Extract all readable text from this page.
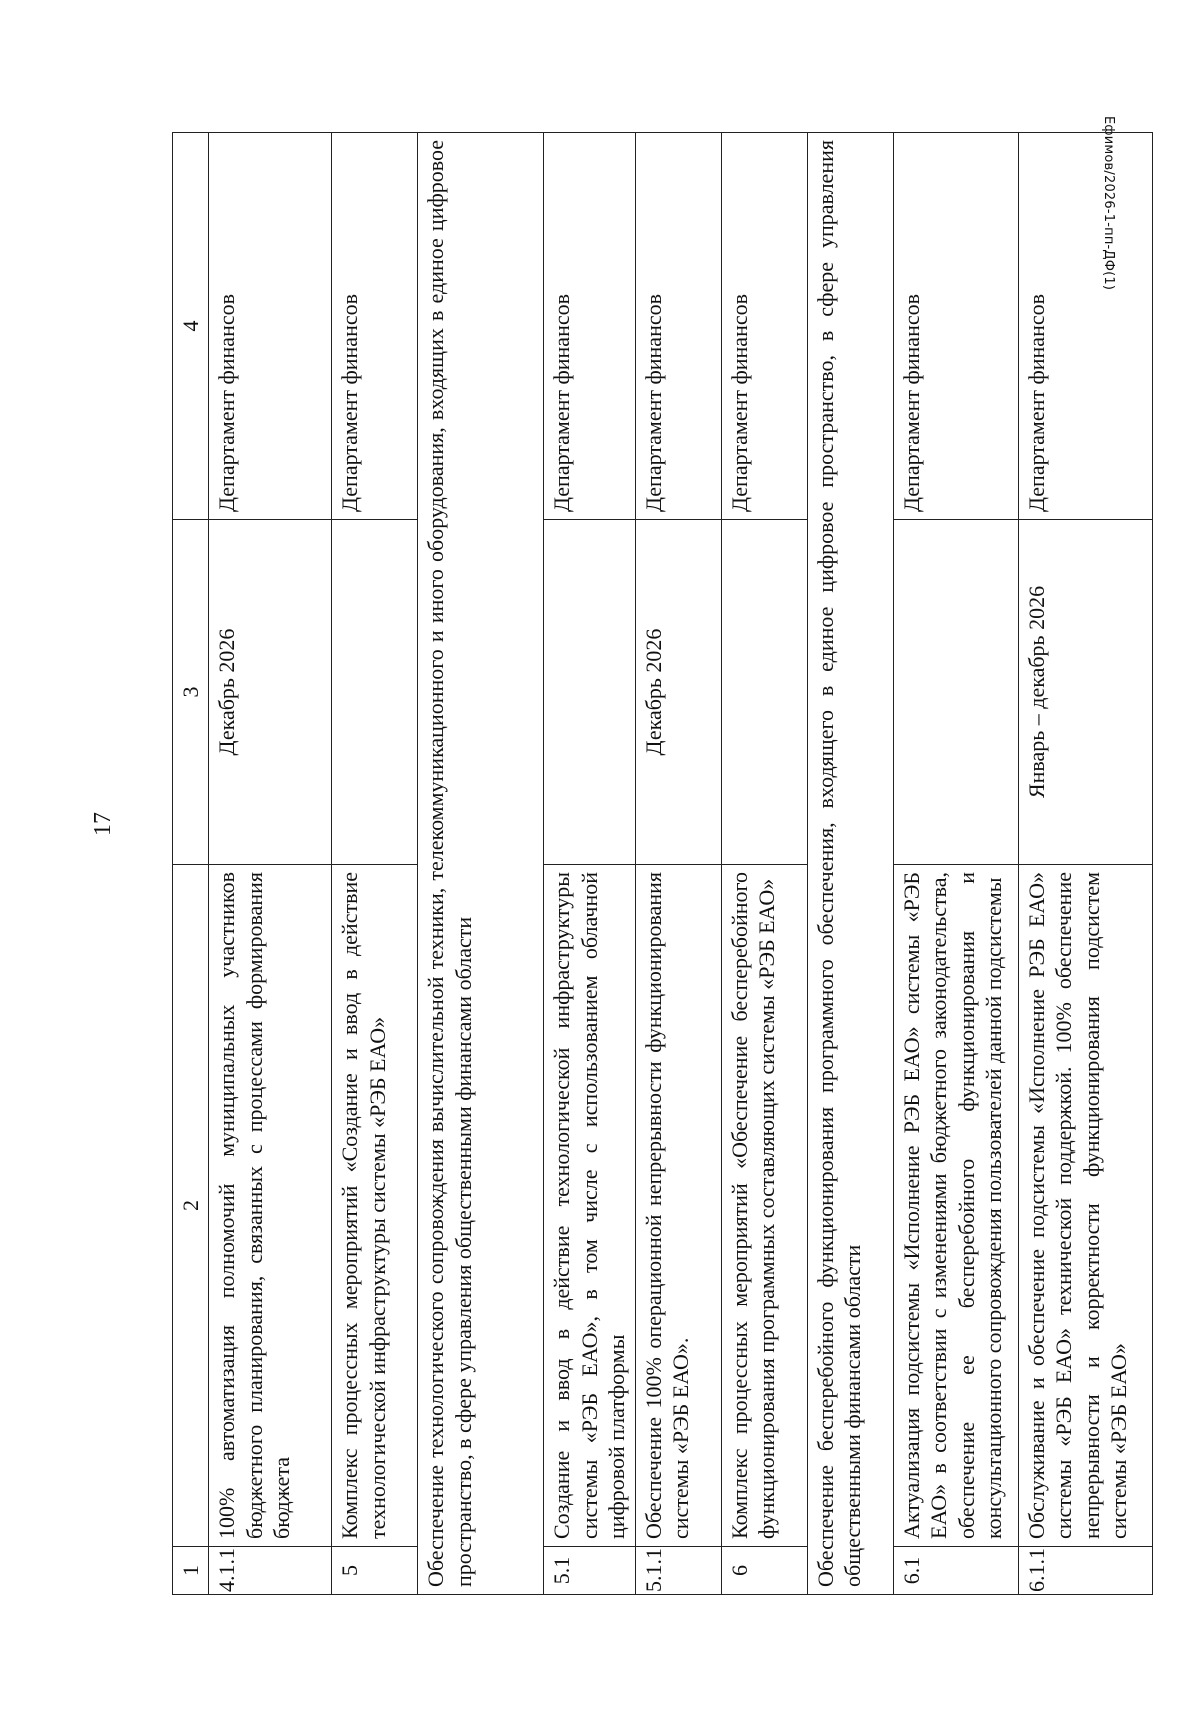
17
Ефимов/2026-1-пп-ДФ(1)
1	2	3	4
4.1.1	100% автоматизация полномочий муниципальных участников бюджетного планирования, связанных с процессами формирования бюджета	Декабрь 2026	Департамент финансов
5	Комплекс процессных мероприятий «Создание и ввод в действие технологической инфраструктуры системы «РЭБ ЕАО»		Департамент финансов
Обеспечение технологического сопровождения вычислительной техники, телекоммуникационного и иного оборудования, входящих в единое цифровое пространство, в сфере управления общественными финансами области			
5.1	Создание и ввод в действие технологической инфраструктуры системы «РЭБ ЕАО», в том числе с использованием облачной цифровой платформы		Департамент финансов
5.1.1	Обеспечение 100% операционной непрерывности функционирования системы «РЭБ ЕАО».	Декабрь 2026	Департамент финансов
6	Комплекс процессных мероприятий «Обеспечение бесперебойного функционирования программных составляющих системы «РЭБ ЕАО»		Департамент финансов
Обеспечение бесперебойного функционирования программного обеспечения, входящего в единое цифровое пространство, в сфере управления общественными финансами области			
6.1	Актуализация подсистемы «Исполнение РЭБ ЕАО» системы «РЭБ ЕАО» в соответствии с изменениями бюджетного законодательства, обеспечение ее бесперебойного функционирования и консультационного сопровождения пользователей данной подсистемы		Департамент финансов
6.1.1	Обслуживание и обеспечение подсистемы «Исполнение РЭБ ЕАО» системы «РЭБ ЕАО» технической поддержкой. 100% обеспечение непрерывности и корректности функционирования подсистем системы «РЭБ ЕАО»	Январь – декабрь 2026	Департамент финансов
